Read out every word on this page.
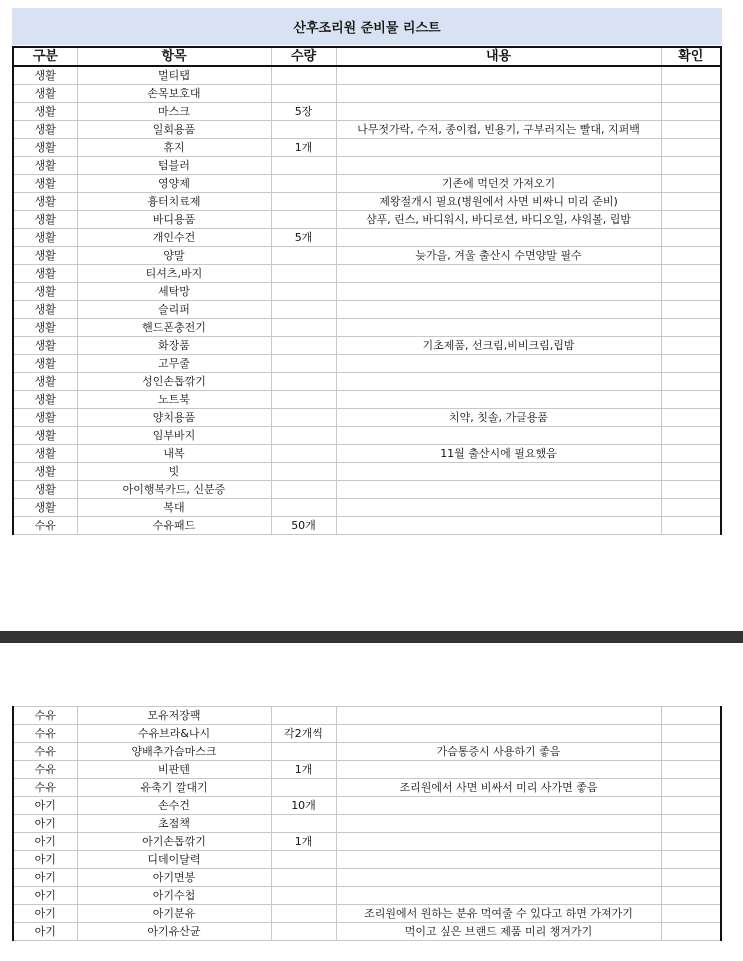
산후조리원 준비물 리스트
구분	항목	수량	내용	확인
생활	멀티탭			
생활	손목보호대			
생활	마스크	5장		
생활	일회용품		나무젓가락, 수저, 종이컵, 빈용기, 구부러지는 빨대, 지퍼백	
생활	휴지	1개		
생활	텀블러			
생활	영양제		기존에 먹던것 가져오기	
생활	흉터치료제		제왕절개시 필요(병원에서 사면 비싸니 미리 준비)	
생활	바디용품		샴푸, 린스, 바디워시, 바디로션, 바디오일, 샤워볼, 립밤	
생활	개인수건	5개		
생활	양말		늦가을, 겨울 출산시 수면양말 필수	
생활	티셔츠,바지			
생활	세탁망			
생활	슬리퍼			
생활	핸드폰충전기			
생활	화장품		기초제품, 선크림,비비크림,립밤	
생활	고무줄			
생활	성인손톱깎기			
생활	노트북			
생활	양치용품		치약, 칫솔, 가글용품	
생활	임부바지			
생활	내복		11월 출산시에 필요했음	
생활	빗			
생활	아이행복카드, 신분증			
생활	복대			
수유	수유패드	50개		
수유	모유저장팩			
수유	수유브라&나시	각2개씩		
수유	양배추가슴마스크		가슴통증시 사용하기 좋음	
수유	비판텐	1개		
수유	유축기 깔대기		조리원에서 사면 비싸서 미리 사가면 좋음	
아기	손수건	10개		
아기	초점책			
아기	아기손톱깎기	1개		
아기	디데이달력			
아기	아기면봉			
아기	아기수첩			
아기	아기분유		조리원에서 원하는 분유 먹여줄 수 있다고 하면 가져가기	
아기	아기유산균		먹이고 싶은 브랜드 제품 미리 챙겨가기	
